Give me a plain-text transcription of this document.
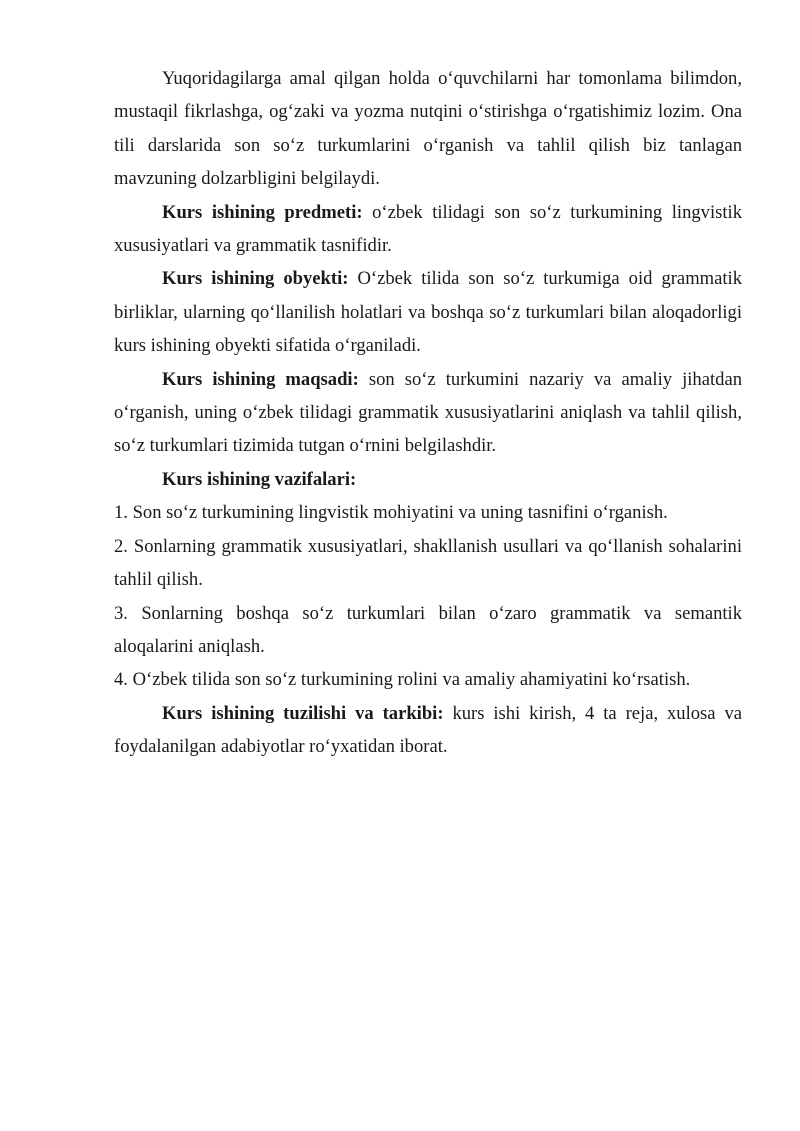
Yuqoridagilarga amal qilgan holda o‘quvchilarni har tomonlama bilimdon, mustaqil fikrlashga, og‘zaki va yozma nutqini o‘stirishga o‘rgatishimiz lozim. Ona tili darslarida son so‘z turkumlarini o‘rganish va tahlil qilish biz tanlagan mavzuning dolzarbligini belgilaydi.

Kurs ishining predmeti: o‘zbek tilidagi son so‘z turkumining lingvistik xususiyatlari va grammatik tasnifidir.

Kurs ishining obyekti: O‘zbek tilida son so‘z turkumiga oid grammatik birliklar, ularning qo‘llanilish holatlari va boshqa so‘z turkumlari bilan aloqadorligi kurs ishining obyekti sifatida o‘rganiladi.

Kurs ishining maqsadi: son so‘z turkumini nazariy va amaliy jihatdan o‘rganish, uning o‘zbek tilidagi grammatik xususiyatlarini aniqlash va tahlil qilish, so‘z turkumlari tizimida tutgan o‘rnini belgilashdir.

Kurs ishining vazifalari:

1. Son so‘z turkumining lingvistik mohiyatini va uning tasnifini o‘rganish.

2. Sonlarning grammatik xususiyatlari, shakllanish usullari va qo‘llanish sohalarini tahlil qilish.

3. Sonlarning boshqa so‘z turkumlari bilan o‘zaro grammatik va semantik aloqalarini aniqlash.

4. O‘zbek tilida son so‘z turkumining rolini va amaliy ahamiyatini ko‘rsatish.

Kurs ishining tuzilishi va tarkibi: kurs ishi kirish, 4 ta reja, xulosa va foydalanilgan adabiyotlar ro‘yxatidan iborat.
